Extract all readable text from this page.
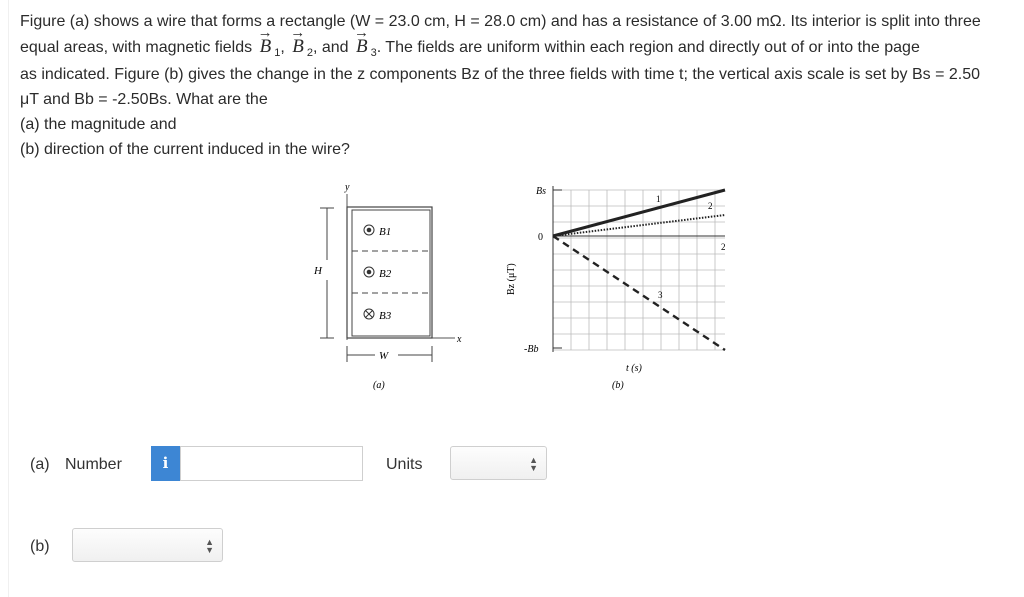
Figure (a) shows a wire that forms a rectangle (W = 23.0 cm, H = 28.0 cm) and has a resistance of 3.00 mΩ. Its interior is split into three

equal areas, with magnetic fields → B $_1$, → B $_2$, and → B $_3$. The fields are uniform within each region and directly out of or into the page

as indicated. Figure (b) gives the change in the z components Bz of the three fields with time t; the vertical axis scale is set by Bs = 2.50

μT and Bb = -2.50Bs. What are the

(a) the magnitude and

(b) direction of the current induced in the wire?

y
x
H
W
B1
B2
B3
(a)
Bs
0
-Bb
Bz (μT)
1
2
2
3
t (s)
(b)
(a) Number	i	Units	▲
▼
(b)	▲
▼
